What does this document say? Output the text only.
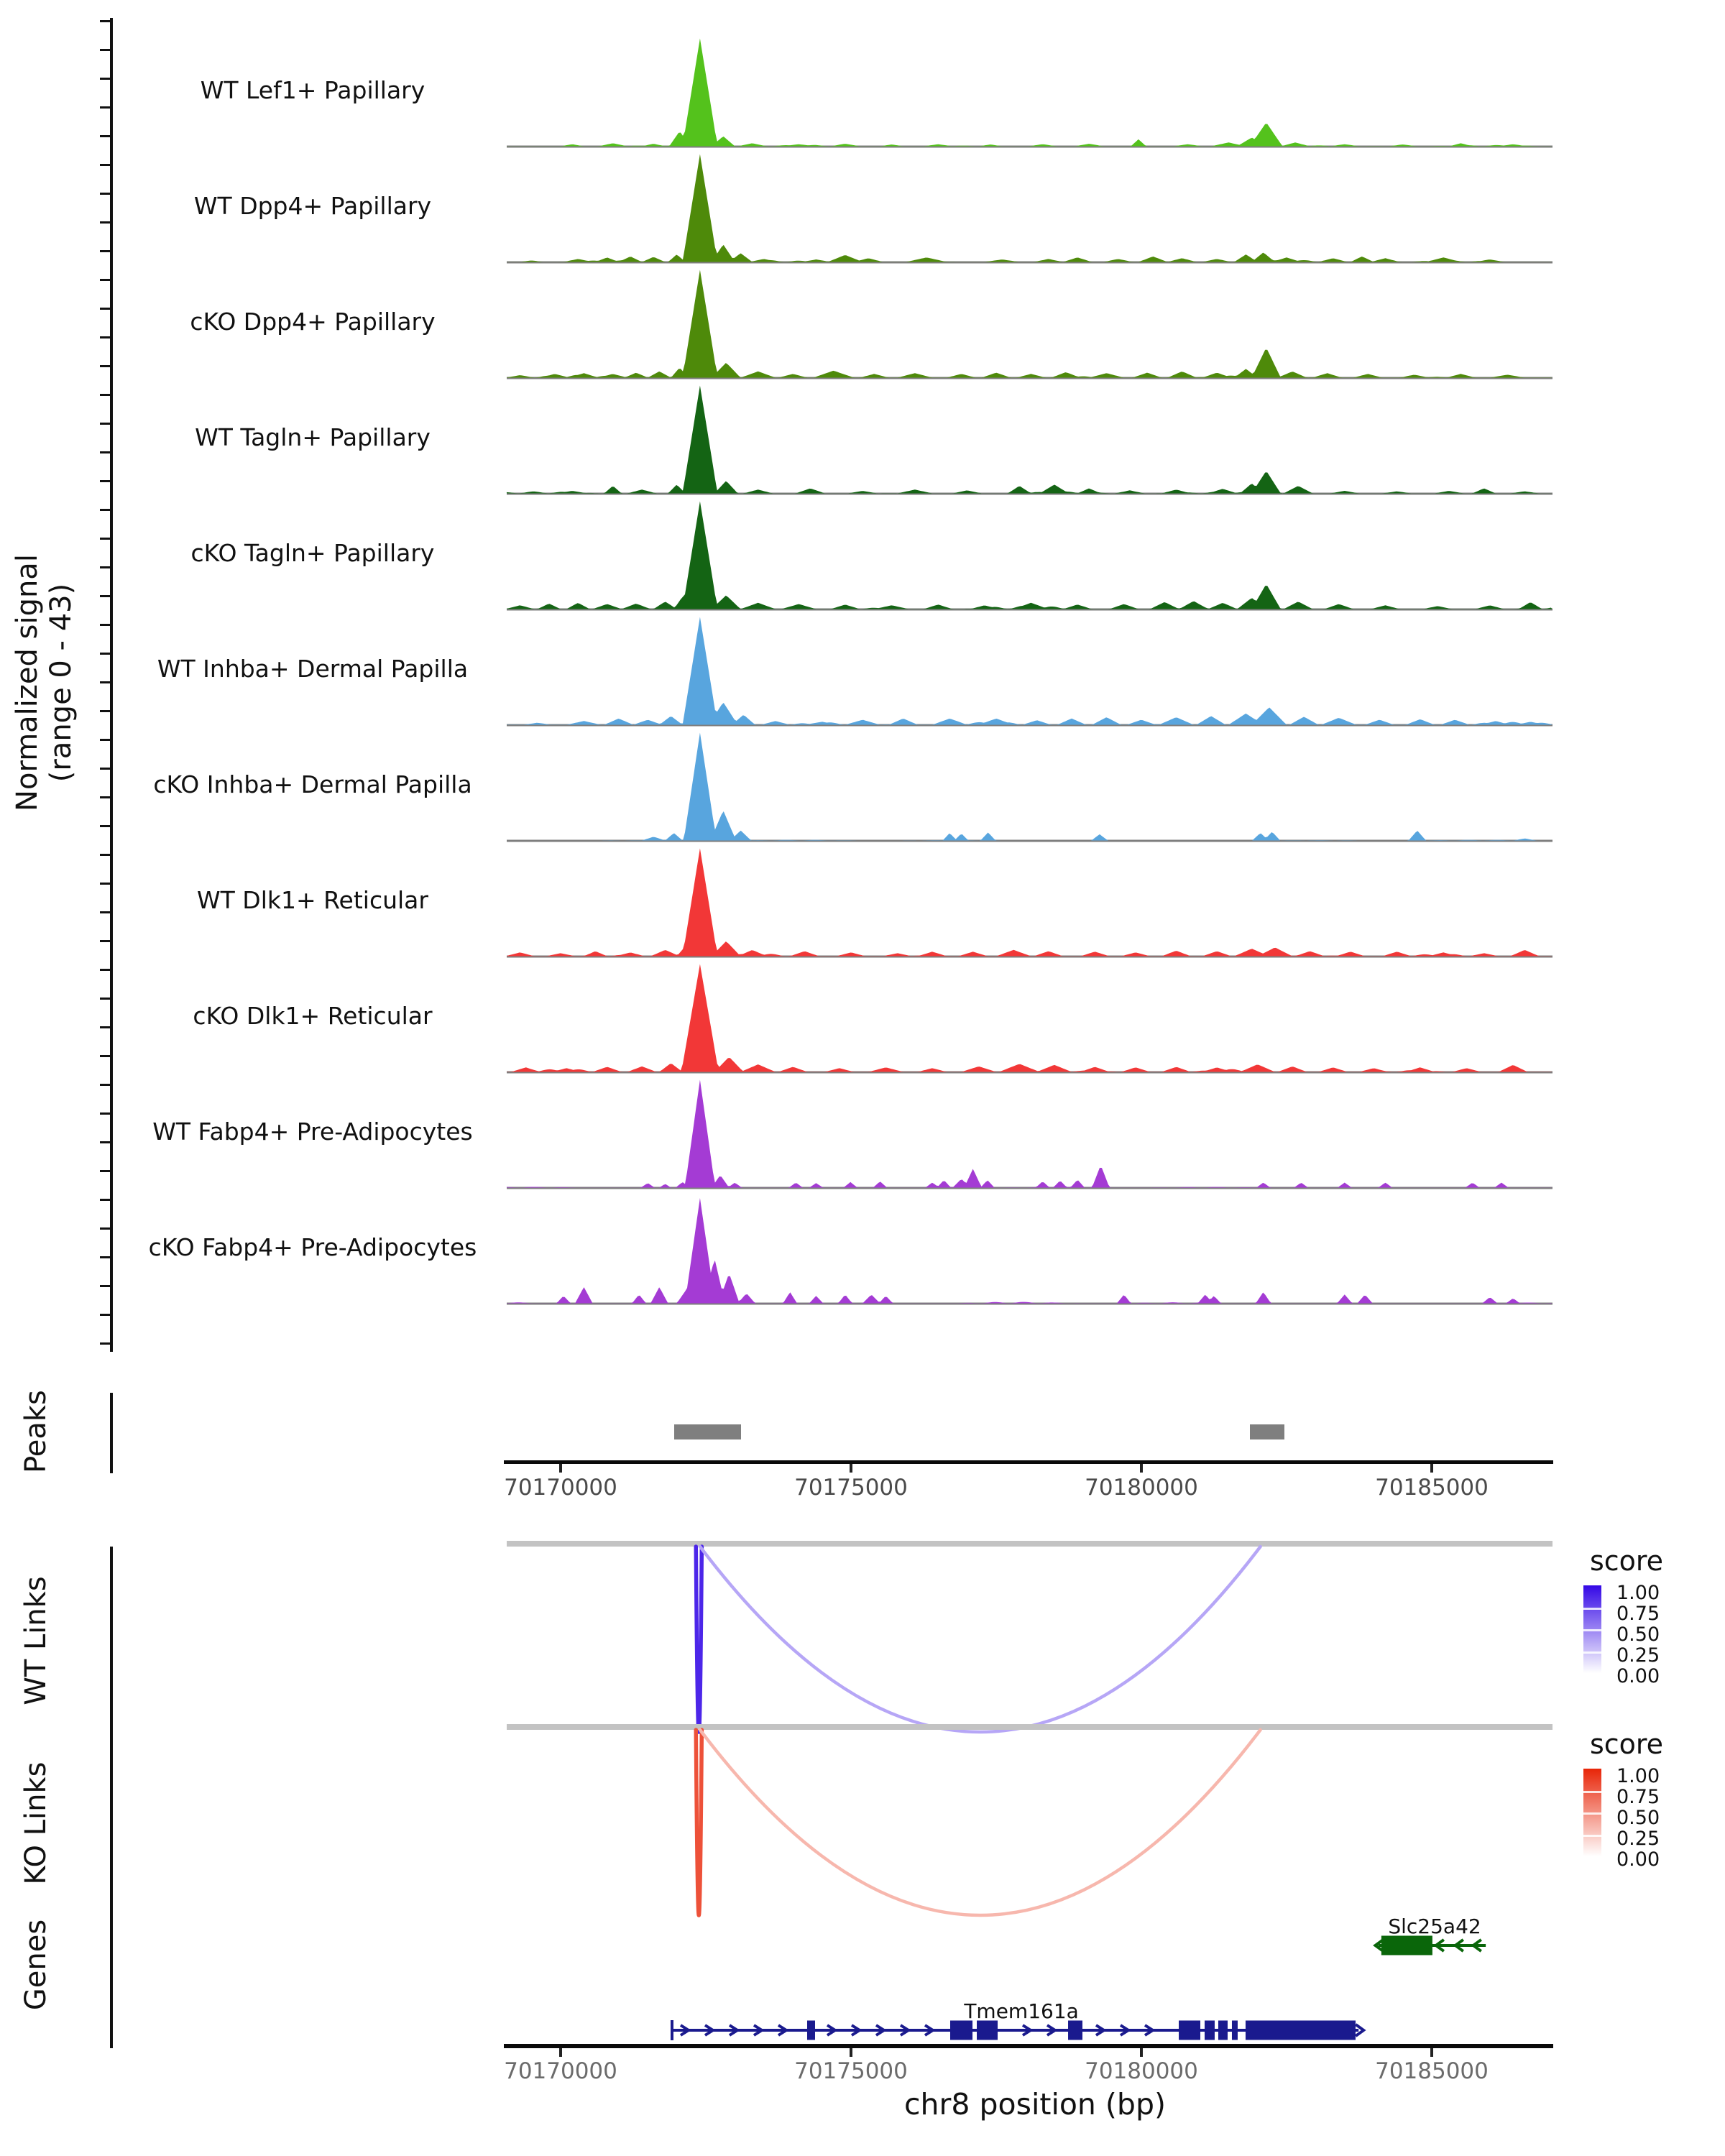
Normalized signal (range 0 - 43)
Peaks
WT Links
score
KO Links
score
Genes
chr8 position (bp)
WT Lef1+ Papillary
WT Dpp4+ Papillary
cKO Dpp4+ Papillary
WT Tagln+ Papillary
cKO Tagln+ Papillary
WT Inhba+ Dermal Papilla
cKO Inhba+ Dermal Papilla
WT Dlk1+ Reticular
cKO Dlk1+ Reticular
WT Fabp4+ Pre-Adipocytes
cKO Fabp4+ Pre-Adipocytes
70170000	70175000	70180000	70185000
70170000	70175000	70180000	70185000
1.00
0.75
0.50
0.25
0.00
1.00
0.75
0.50
0.25
0.00
Slc25a42
Tmem161a
